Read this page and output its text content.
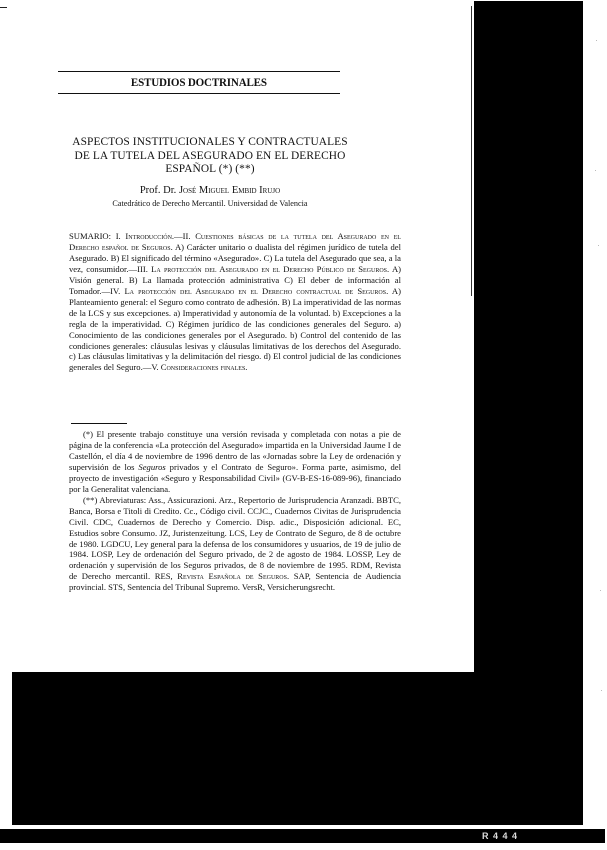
ESTUDIOS DOCTRINALES
ASPECTOS INSTITUCIONALES Y CONTRACTUALES
DE LA TUTELA DEL ASEGURADO EN EL DERECHO
ESPAÑOL (*) (**)
Prof. Dr. José Miguel Embid Irujo
Catedrático de Derecho Mercantil. Universidad de Valencia
SUMARIO: I. Introducción.—II. Cuestiones básicas de la tutela del Asegurado en el Derecho español de Seguros. A) Carácter unitario o dualista del régimen jurídico de tutela del Asegurado. B) El significado del término «Asegurado». C) La tutela del Asegurado que sea, a la vez, consumidor.—III. La protección del Asegurado en el Derecho Público de Seguros. A) Visión general. B) La llamada protección administrativa C) El deber de información al Tomador.—IV. La protección del Asegurado en el Derecho contractual de Seguros. A) Planteamiento general: el Seguro como contrato de adhesión. B) La imperatividad de las normas de la LCS y sus excepciones. a) Imperatividad y autonomía de la voluntad. b) Excepciones a la regla de la imperatividad. C) Régimen jurídico de las condiciones generales del Seguro. a) Conocimiento de las condiciones generales por el Asegurado. b) Control del contenido de las condiciones generales: cláusulas lesivas y cláusulas limitativas de los derechos del Asegurado. c) Las cláusulas limitativas y la delimitación del riesgo. d) El control judicial de las condiciones generales del Seguro.—V. Consideraciones finales.

(*) El presente trabajo constituye una versión revisada y completada con notas a pie de página de la conferencia «La protección del Asegurado» impartida en la Universidad Jaume I de Castellón, el día 4 de noviembre de 1996 dentro de las «Jornadas sobre la Ley de ordenación y supervisión de los Seguros privados y el Contrato de Seguro». Forma parte, asimismo, del proyecto de investigación «Seguro y Responsabilidad Civil» (GV-B-ES-16-089-96), financiado por la Generalitat valenciana.

(**) Abreviaturas: Ass., Assicurazioni. Arz., Repertorio de Jurisprudencia Aranzadi. BBTC, Banca, Borsa e Titoli di Credito. Cc., Código civil. CCJC., Cuadernos Civitas de Jurisprudencia Civil. CDC, Cuadernos de Derecho y Comercio. Disp. adic., Disposición adicional. EC, Estudios sobre Consumo. JZ, Juristenzeitung. LCS, Ley de Contrato de Seguro, de 8 de octubre de 1980. LGDCU, Ley general para la defensa de los consumidores y usuarios, de 19 de julio de 1984. LOSP, Ley de ordenación del Seguro privado, de 2 de agosto de 1984. LOSSP, Ley de ordenación y supervisión de los Seguros privados, de 8 de noviembre de 1995. RDM, Revista de Derecho mercantil. RES, Revista Española de Seguros. SAP, Sentencia de Audiencia provincial. STS, Sentencia del Tribunal Supremo. VersR, Versicherungsrecht.

R 4 4 4
